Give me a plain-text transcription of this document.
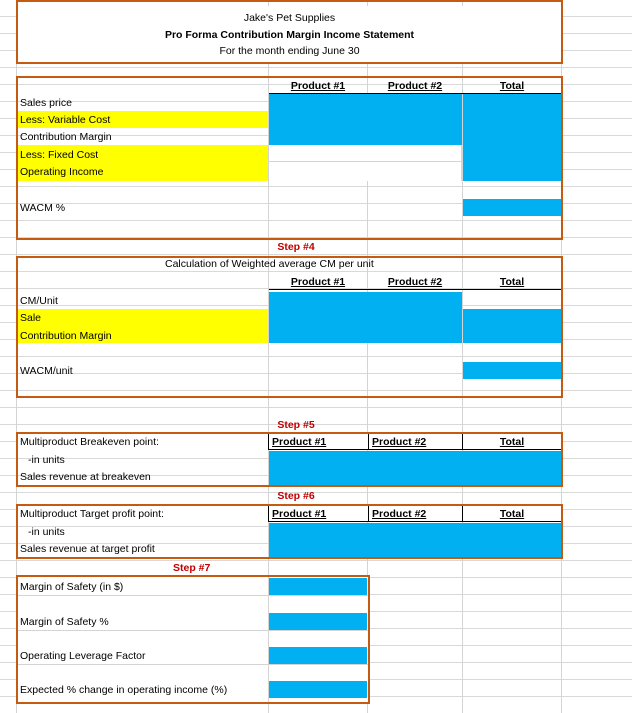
Jake's Pet Supplies
Pro Forma Contribution Margin Income Statement
For the month ending June 30
Product #1	Product #2	Total
Sales price
Less: Variable Cost
Contribution Margin
Less: Fixed Cost
Operating Income
WACM %
Step #4
Calculation of Weighted average CM per unit
Product #1	Product #2	Total
CM/Unit
Sale
Contribution Margin
WACM/unit
Step #5
Product #1	Product #2	Total
Multiproduct Breakeven point:
-in units
Sales revenue at breakeven
Step #6
Product #1	Product #2	Total
Multiproduct Target profit point:
-in units
Sales revenue at target profit
Step #7
Margin of Safety (in $)
Margin of Safety %
Operating Leverage Factor
Expected % change in operating income (%)
